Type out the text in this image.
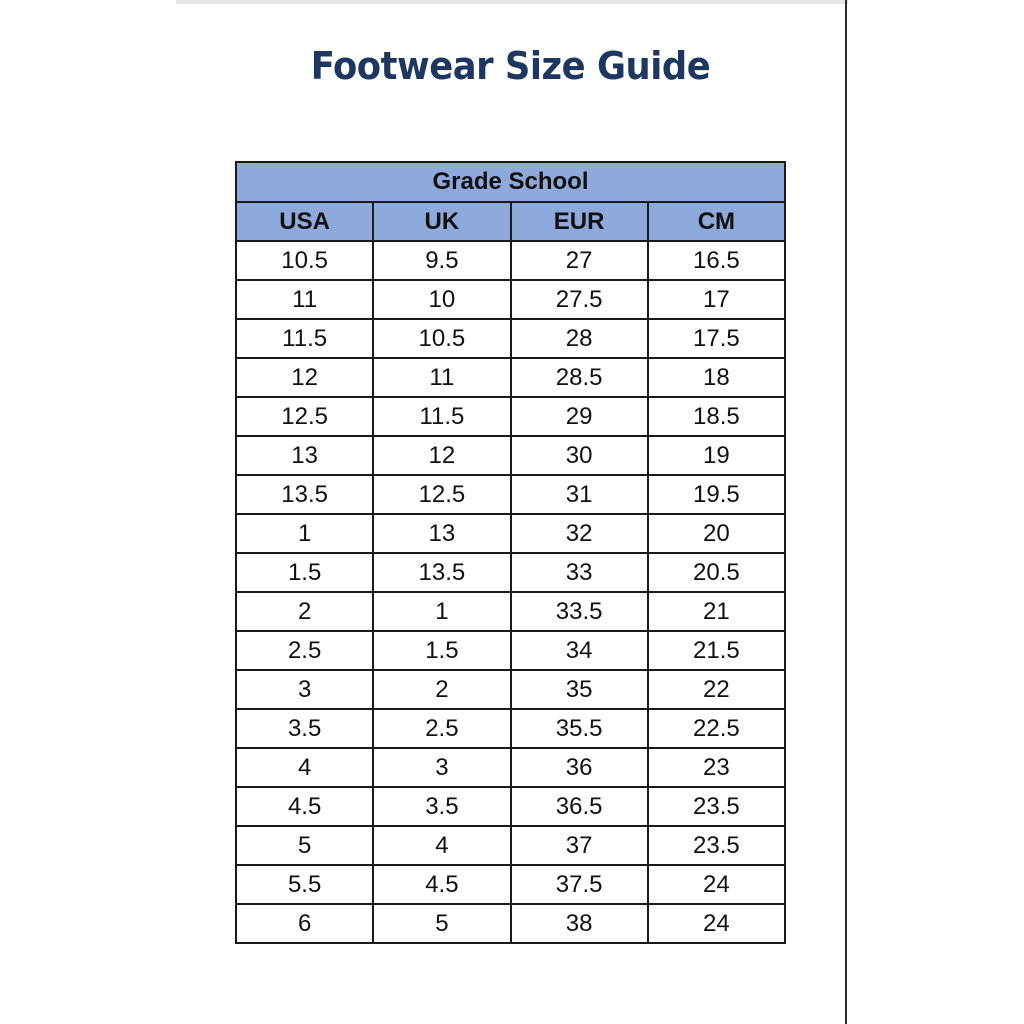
Footwear Size Guide
Grade School			
USA	UK	EUR	CM
10.5	9.5	27	16.5
11	10	27.5	17
11.5	10.5	28	17.5
12	11	28.5	18
12.5	11.5	29	18.5
13	12	30	19
13.5	12.5	31	19.5
1	13	32	20
1.5	13.5	33	20.5
2	1	33.5	21
2.5	1.5	34	21.5
3	2	35	22
3.5	2.5	35.5	22.5
4	3	36	23
4.5	3.5	36.5	23.5
5	4	37	23.5
5.5	4.5	37.5	24
6	5	38	24
